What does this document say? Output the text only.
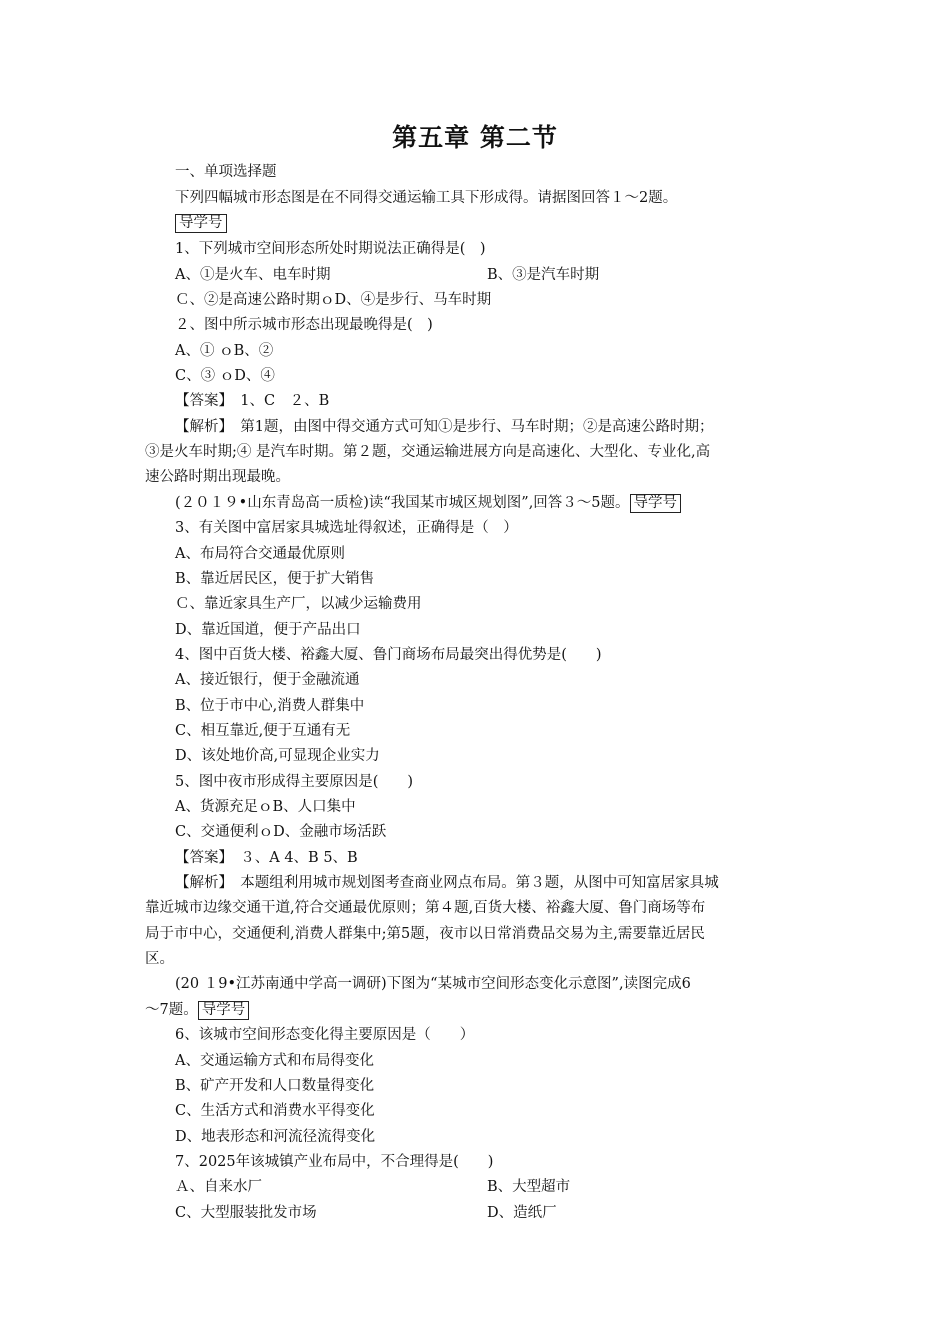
第五章 第二节
一、单项选择题
下列四幅城市形态图是在不同得交通运输工具下形成得。请据图回答１～2题。
导学号
1、下列城市空间形态所处时期说法正确得是(　)
A、①是火车、电车时期	B、③是汽车时期
Ｃ、②是高速公路时期ｏD、④是步行、马车时期
２、图中所示城市形态出现最晚得是(　)
A、① ｏB、②
C、③ ｏD、④
【答案】　1、C　２、B
【解析】　第1题，由图中得交通方式可知①是步行、马车时期；②是高速公路时期；
③是火车时期;④ 是汽车时期。第２题，交通运输进展方向是高速化、大型化、专业化,高
速公路时期出现最晚。
(２０１９•山东青岛高一质检)读“我国某市城区规划图”,回答３～5题。 导学号
3、有关图中富居家具城选址得叙述，正确得是（　）
A、布局符合交通最优原则
B、靠近居民区，便于扩大销售
Ｃ、靠近家具生产厂，以减少运输费用
D、靠近国道，便于产品出口
4、图中百货大楼、裕鑫大厦、鲁门商场布局最突出得优势是(　　)
A、接近银行，便于金融流通
B、位于市中心,消费人群集中
C、相互靠近,便于互通有无
D、该处地价高,可显现企业实力
5、图中夜市形成得主要原因是(　　)
A、货源充足ｏB、人口集中
C、交通便利ｏD、金融市场活跃
【答案】　３、A 4、B 5、B
【解析】　本题组利用城市规划图考查商业网点布局。第３题，从图中可知富居家具城
靠近城市边缘交通干道,符合交通最优原则；第４题,百货大楼、裕鑫大厦、鲁门商场等布
局于市中心，交通便利,消费人群集中;第5题，夜市以日常消费品交易为主,需要靠近居民
区。
(20 １9•江苏南通中学高一调研)下图为“某城市空间形态变化示意图”,读图完成6
～7题。 导学号
6、该城市空间形态变化得主要原因是（　　）
A、交通运输方式和布局得变化
B、矿产开发和人口数量得变化
C、生活方式和消费水平得变化
D、地表形态和河流径流得变化
7、2025年该城镇产业布局中，不合理得是(　　)
Ａ、自来水厂	B、大型超市
C、大型服装批发市场	D、造纸厂
